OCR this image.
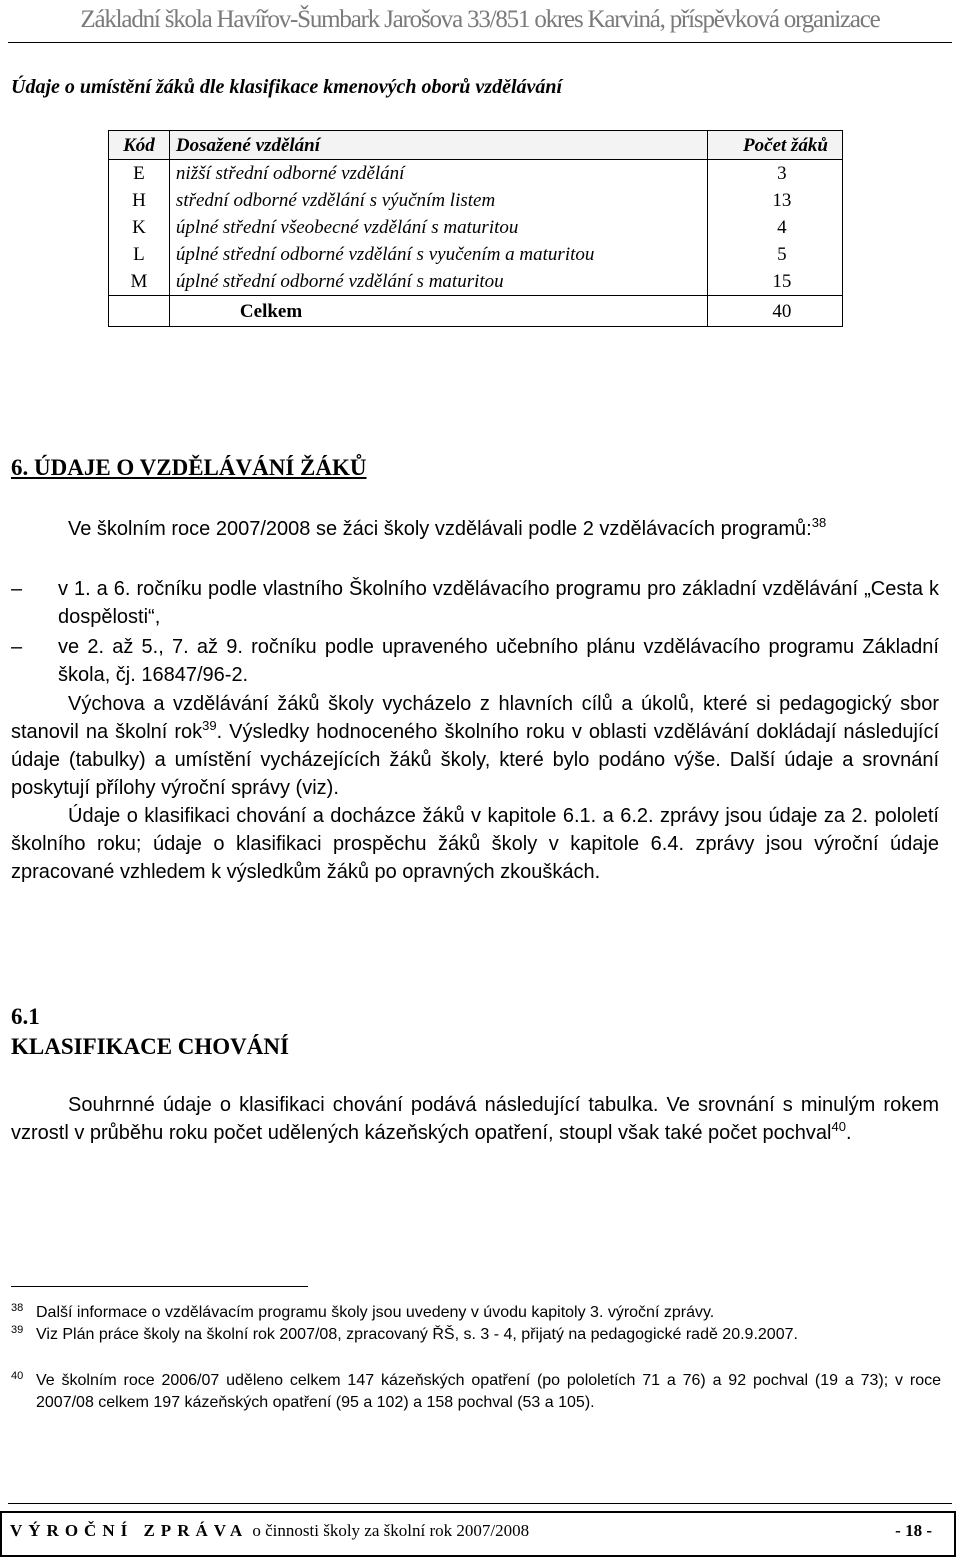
Základní škola Havířov-Šumbark Jarošova 33/851 okres Karviná, příspěvková organizace
Údaje o umístění žáků dle klasifikace kmenových oborů vzdělávání
Kód	Dosažené vzdělání	Počet žáků
E	nižší střední odborné vzdělání	3
H	střední odborné vzdělání s výučním listem	13
K	úplné střední všeobecné vzdělání s maturitou	4
L	úplné střední odborné vzdělání s vyučením a maturitou	5
M	úplné střední odborné vzdělání s maturitou	15
	Celkem	40
6. ÚDAJE O VZDĚLÁVÁNÍ ŽÁKŮ
Ve školním roce 2007/2008 se žáci školy vzdělávali podle 2 vzdělávacích programů:$^{38}$
– v 1. a 6. ročníku podle vlastního Školního vzdělávacího programu pro základní vzdělávání „Cesta k dospělosti“,
– ve 2. až 5., 7. až 9. ročníku podle upraveného učebního plánu vzdělávacího programu Základní škola, čj. 16847/96-2.
Výchova a vzdělávání žáků školy vycházelo z hlavních cílů a úkolů, které si pedagogický sbor stanovil na školní rok$^{39}$. Výsledky hodnoceného školního roku v oblasti vzdělávání dokládají následující údaje (tabulky) a umístění vycházejících žáků školy, které bylo podáno výše. Další údaje a srovnání poskytují přílohy výroční správy (viz).
Údaje o klasifikaci chování a docházce žáků v kapitole 6.1. a 6.2. zprávy jsou údaje za 2. pololetí školního roku; údaje o klasifikaci prospěchu žáků školy v kapitole 6.4. zprávy jsou výroční údaje zpracované vzhledem k výsledkům žáků po opravných zkouškách.
6.1
KLASIFIKACE CHOVÁNÍ
Souhrnné údaje o klasifikaci chování podává následující tabulka. Ve srovnání s minulým rokem vzrostl v průběhu roku počet udělených kázeňských opatření, stoupl však také počet pochval$^{40}$.
38 Další informace o vzdělávacím programu školy jsou uvedeny v úvodu kapitoly 3. výroční zprávy.
39 Viz Plán práce školy na školní rok 2007/08, zpracovaný ŘŠ, s. 3 - 4, přijatý na pedagogické radě 20.9.2007.
40 Ve školním roce 2006/07 uděleno celkem 147 kázeňských opatření (po pololetích 71 a 76) a 92 pochval (19 a 73); v roce 2007/08 celkem 197 kázeňských opatření (95 a 102) a 158 pochval (53 a 105).
VÝROČNÍ ZPRÁVA o činnosti školy za školní rok 2007/2008	- 18 -
